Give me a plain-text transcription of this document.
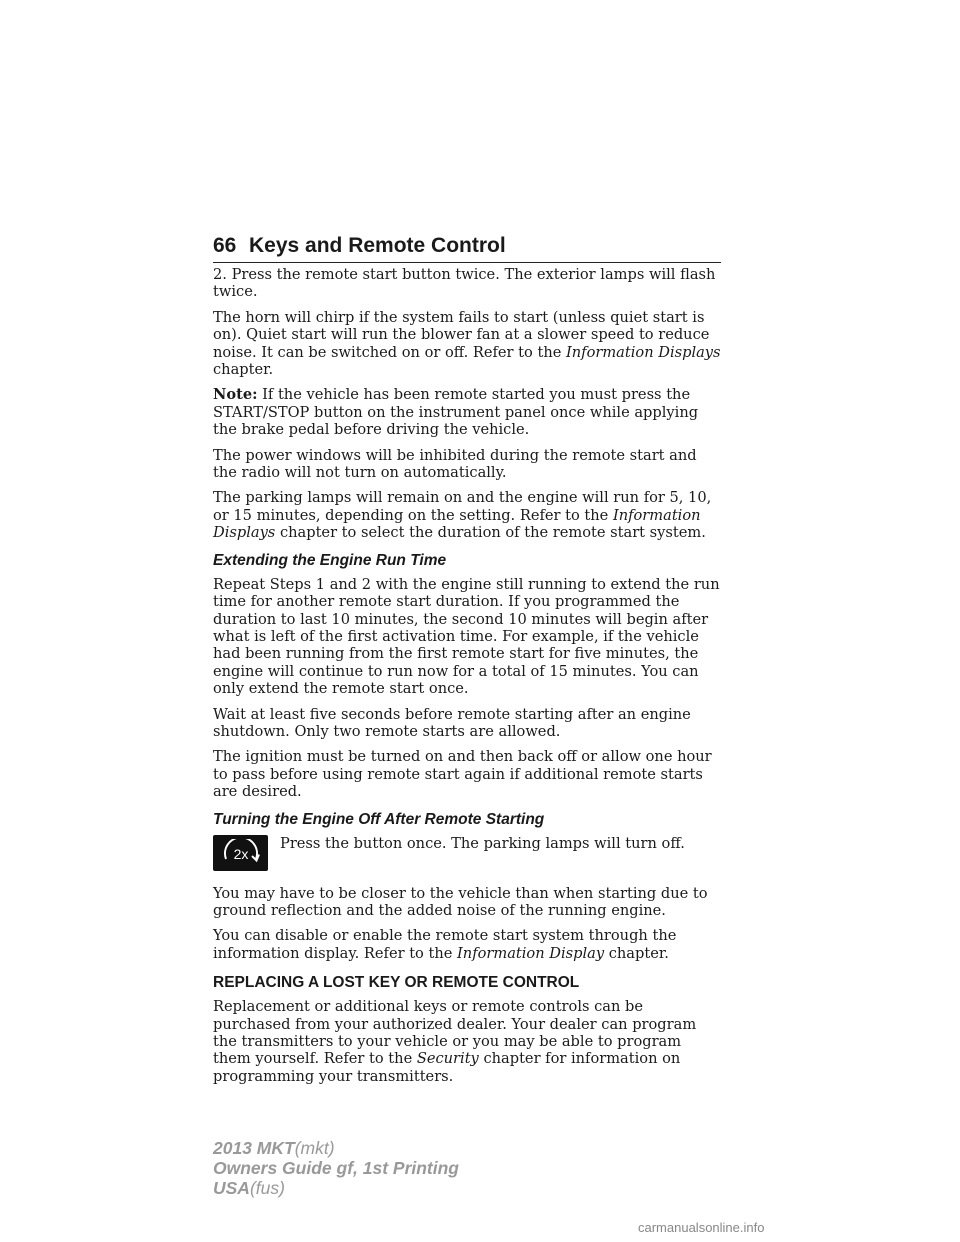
66 Keys and Remote Control

2. Press the remote start button twice. The exterior lamps will flash twice.

The horn will chirp if the system fails to start (unless quiet start is on). Quiet start will run the blower fan at a slower speed to reduce noise. It can be switched on or off. Refer to the Information Displays chapter.

Note: If the vehicle has been remote started you must press the START/STOP button on the instrument panel once while applying the brake pedal before driving the vehicle.

The power windows will be inhibited during the remote start and the radio will not turn on automatically.

The parking lamps will remain on and the engine will run for 5, 10, or 15 minutes, depending on the setting. Refer to the Information Displays chapter to select the duration of the remote start system.

Extending the Engine Run Time

Repeat Steps 1 and 2 with the engine still running to extend the run time for another remote start duration. If you programmed the duration to last 10 minutes, the second 10 minutes will begin after what is left of the first activation time. For example, if the vehicle had been running from the first remote start for five minutes, the engine will continue to run now for a total of 15 minutes. You can only extend the remote start once.

Wait at least five seconds before remote starting after an engine shutdown. Only two remote starts are allowed.

The ignition must be turned on and then back off or allow one hour to pass before using remote start again if additional remote starts are desired.

Turning the Engine Off After Remote Starting
2x

Press the button once. The parking lamps will turn off.

You may have to be closer to the vehicle than when starting due to ground reflection and the added noise of the running engine.

You can disable or enable the remote start system through the information display. Refer to the Information Display chapter.

REPLACING A LOST KEY OR REMOTE CONTROL

Replacement or additional keys or remote controls can be purchased from your authorized dealer. Your dealer can program the transmitters to your vehicle or you may be able to program them yourself. Refer to the Security chapter for information on programming your transmitters.

2013 MKT(mkt)
Owners Guide gf, 1st Printing
USA(fus)
carmanualsonline.info
